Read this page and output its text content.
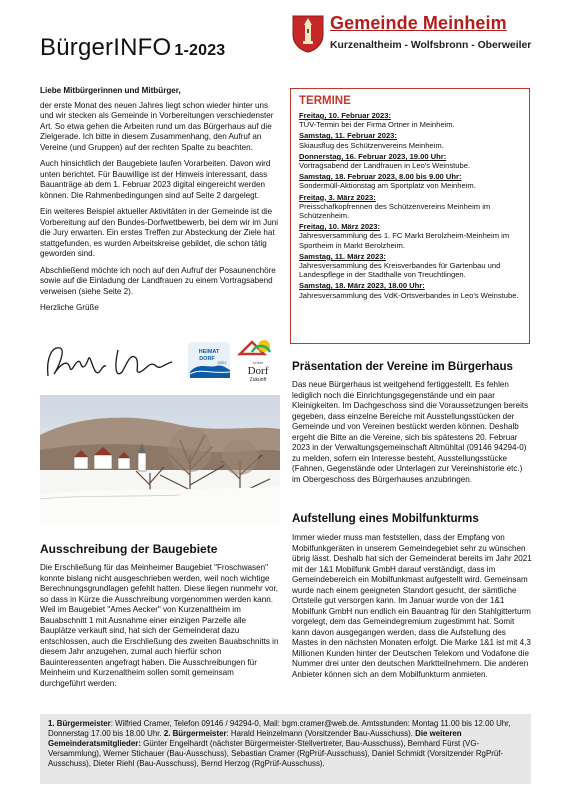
BürgerINFO 1-2023
Gemeinde Meinheim
Kurzenaltheim - Wolfsbronn - Oberweiler

Liebe Mitbürgerinnen und Mitbürger,

der erste Monat des neuen Jahres liegt schon wieder hinter uns und wir stecken als Gemeinde in Vorbereitungen verschiedenster Art. So etwa gehen die Arbeiten rund um das Bürgerhaus auf die Zielgerade. Ich bitte in diesem Zusammenhang, den Aufruf an Vereine (und Gruppen) auf der rechten Spalte zu beachten.

Auch hinsichtlich der Baugebiete laufen Vorarbeiten. Davon wird unten berichtet. Für Bauwillige ist der Hinweis interessant, dass Bauanträge ab dem 1. Februar 2023 digital eingereicht werden können. Die Rahmenbedingungen sind auf Seite 2 dargelegt.

Ein weiteres Beispiel aktueller Aktivitäten in der Gemeinde ist die Vorbereitung auf den Bundes-Dorfwettbewerb, bei dem wir im Juni die Jury erwarten. Ein erstes Treffen zur Absteckung der Ziele hat stattgefunden, es wurden Arbeitskreise gebildet, die schon tätig geworden sind.

Abschließend möchte ich noch auf den Aufruf der Posaunenchöre sowie auf die Einladung der Landfrauen zu einem Vortragsabend verweisen (siehe Seite 2).

Herzliche Grüße

HEIMAT
DORF
2021	Unser
Dorf
Zukunft
Ausschreibung der Baugebiete
Die Erschließung für das Meinheimer Baugebiet "Froschwasen" konnte bislang nicht ausgeschrieben werden, weil noch wichtige Berechnungsgrundlagen gefehlt hatten. Diese liegen nunmehr vor, so dass in Kürze die Ausschreibung vorgenommen werden kann. Weil im Baugebiet "Ames Aecker" von Kurzenaltheim im Bauabschnitt 1 mit Ausnahme einer einzigen Parzelle alle Bauplätze verkauft sind, hat sich der Gemeinderat dazu entschlossen, auch die Erschließung des zweiten Bauabschnitts in diesem Jahr anzugehen, zumal auch hierfür schon Bauinteressenten angefragt haben. Die Ausschreibungen für Meinheim und Kurzenaltheim sollen somit gemeinsam durchgeführt werden.
TERMINE
Freitag, 10. Februar 2023:
TÜV-Termin bei der Firma Ortner in Meinheim.
Samstag, 11. Februar 2023:
Skiausflug des Schützenvereins Meinheim.
Donnerstag, 16. Februar 2023, 19.00 Uhr:
Vortragsabend der Landfrauen in Leo's Weinstube.
Samstag, 18. Februar 2023, 8.00 bis 9.00 Uhr:
Sondermüll-Aktionstag am Sportplatz von Meinheim.
Freitag, 3. März 2023:
Preisschafkopfrennen des Schützenvereins Meinheim im Schützenheim.
Freitag, 10. März 2023:
Jahresversammlung des 1. FC Markt Berolzheim-Meinheim im Sportheim in Markt Berolzheim.
Samstag, 11. März 2023:
Jahresversammlung des Kreisverbandes für Gartenbau und Landespflege in der Stadthalle von Treuchtlingen.
Samstag, 18. März 2023, 18.00 Uhr:
Jahresversammlung des VdK-Ortsverbandes in Leo's Weinstube.
Präsentation der Vereine im Bürgerhaus
Das neue Bürgerhaus ist weitgehend fertiggestellt. Es fehlen lediglich noch die Einrichtungsgegenstände und ein paar Kleinigkeiten. Im Dachgeschoss sind die Voraussetzungen bereits gegeben, dass einzelne Bereiche mit Ausstellungsstücken der Gemeinde und von Vereinen bestückt werden können. Deshalb ergeht die Bitte an die Vereine, sich bis spätestens 20. Februar 2023 in der Verwaltungsgemeinschaft Altmühltal (09146 94294-0) zu melden, sofern ein Interesse besteht, Ausstellungsstücke (Fahnen, Gegenstände oder Unterlagen zur Vereinshistorie etc.) im Obergeschoss des Bürgerhauses anzubringen.
Aufstellung eines Mobilfunkturms
Immer wieder muss man feststellen, dass der Empfang von Mobilfunkgeräten in unserem Gemeindegebiet sehr zu wünschen übrig lässt. Deshalb hat sich der Gemeinderat bereits im Jahr 2021 mit der 1&1 Mobilfunk GmbH darauf verständigt, dass im Gemeindebereich ein Mobilfunkmast aufgestellt wird. Gemeinsam wurde nach einem geeigneten Standort gesucht, der sämtliche Ortsteile gut versorgen kann. Im Januar wurde von der 1&1 Mobilfunk GmbH nun endlich ein Bauantrag für den Stahlgitterturm vorgelegt, dem das Gemeindegremium zugestimmt hat. Somit kann davon ausgegangen werden, dass die Aufstellung des Mastes in den nächsten Monaten erfolgt. Die Marke 1&1 ist mit 4,3 Millionen Kunden hinter der Deutschen Telekom und Vodafone die Nummer drei unter den deutschen Marktteilnehmern. Die anderen Anbieter können sich an dem Mobilfunkturm anmieten.
1. Bürgermeister: Wilfried Cramer, Telefon 09146 / 94294-0, Mail: bgm.cramer@web.de. Amtsstunden: Montag 11.00 bis 12.00 Uhr, Donnerstag 17.00 bis 18.00 Uhr. 2. Bürgermeister: Harald Heinzelmann (Vorsitzender Bau-Ausschuss). Die weiteren Gemeinderatsmitglieder: Günter Engelhardt (nächster Bürgermeister-Stellvertreter, Bau-Ausschuss), Bernhard Fürst (VG-Versammlung), Werner Stichauer (Bau-Ausschuss), Sebastian Cramer (RgPrüf-Ausschuss), Daniel Schmidt (Vorsitzender RgPrüf-Ausschuss), Dieter Riehl (Bau-Ausschuss), Bernd Herzog (RgPrüf-Ausschuss).
